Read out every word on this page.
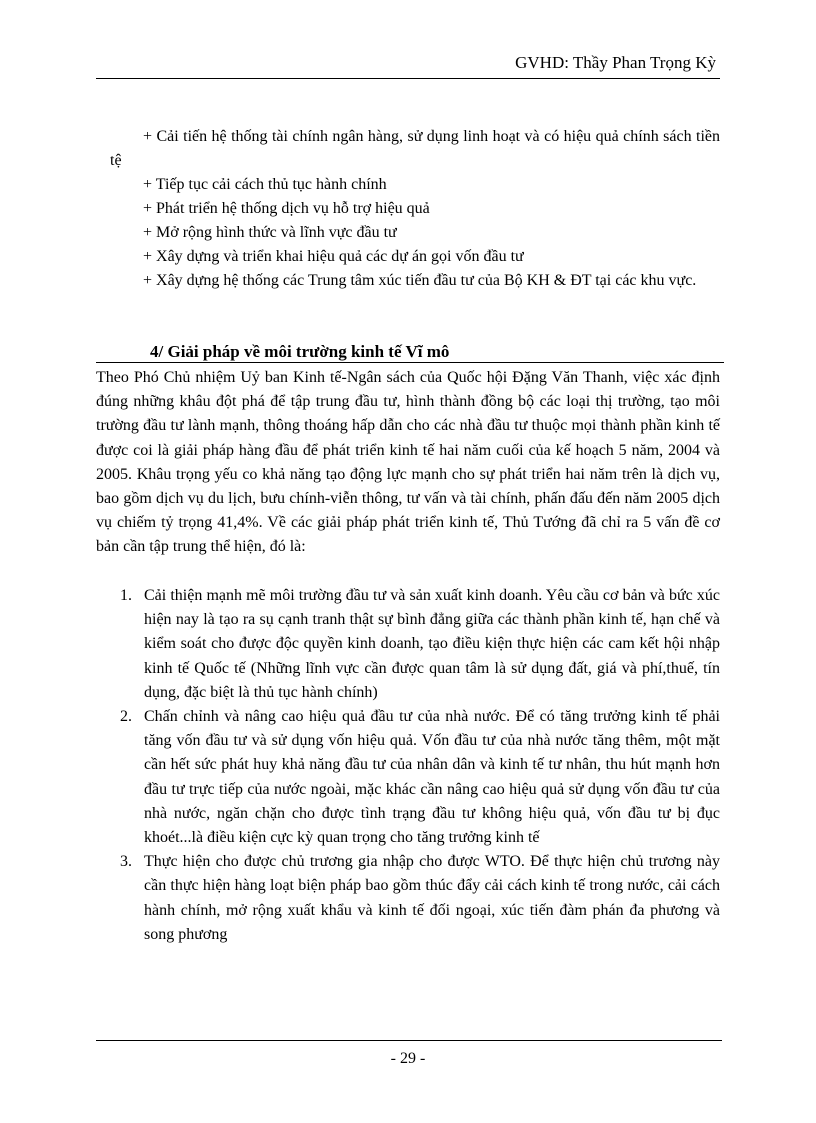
GVHD: Thầy Phan Trọng Kỳ

+ Cải tiến hệ thống tài chính ngân hàng, sử dụng linh hoạt và có hiệu quả chính sách tiền tệ

+ Tiếp tục cải cách thủ tục hành chính

+ Phát triển hệ thống dịch vụ hỗ trợ hiệu quả

+ Mở rộng hình thức và lĩnh vực đầu tư

+ Xây dựng và triển khai hiệu quả các dự án gọi vốn đầu tư

+ Xây dựng hệ thống các Trung tâm xúc tiến đầu tư của Bộ KH & ĐT tại các khu vực.

4/ Giải pháp về môi trường kinh tế Vĩ mô

Theo Phó Chủ nhiệm Uỷ ban Kinh tế-Ngân sách của Quốc hội Đặng Văn Thanh, việc xác định đúng những khâu đột phá để tập trung đầu tư, hình thành đồng bộ các loại thị trường, tạo môi trường đầu tư lành mạnh, thông thoáng hấp dẫn cho các nhà đầu tư thuộc mọi thành phần kinh tế được coi là giải pháp hàng đầu để phát triển kinh tế hai năm cuối của kế hoạch 5 năm, 2004 và 2005. Khâu trọng yếu co khả năng tạo động lực mạnh cho sự phát triển hai năm trên là dịch vụ, bao gồm dịch vụ du lịch, bưu chính-viễn thông, tư vấn và tài chính, phấn đấu đến năm 2005 dịch vụ chiếm tỷ trọng 41,4%. Về các giải pháp phát triển kinh tế, Thủ Tướng đã chỉ ra 5 vấn đề cơ bản cần tập trung thể hiện, đó là:

1. Cải thiện mạnh mẽ môi trường đầu tư và sản xuất kinh doanh. Yêu cầu cơ bản và bức xúc hiện nay là tạo ra sụ cạnh tranh thật sự bình đẳng giữa các thành phần kinh tế, hạn chế và kiểm soát cho được độc quyền kinh doanh, tạo điều kiện thực hiện các cam kết hội nhập kinh tế Quốc tế (Những lĩnh vực cần được quan tâm là sử dụng đất, giá và phí,thuế, tín dụng, đặc biệt là thủ tục hành chính)
2. Chấn chỉnh và nâng cao hiệu quả đầu tư của nhà nước. Để có tăng trưởng kinh tế phải tăng vốn đầu tư và sử dụng vốn hiệu quả. Vốn đầu tư của nhà nước tăng thêm, một mặt cần hết sức phát huy khả năng đầu tư của nhân dân và kinh tế tư nhân, thu hút mạnh hơn đầu tư trực tiếp của nước ngoài, mặc khác cần nâng cao hiệu quả sử dụng vốn đầu tư của nhà nước, ngăn chặn cho được tình trạng đầu tư không hiệu quả, vốn đầu tư bị đục khoét...là điều kiện cực kỳ quan trọng cho tăng trưởng kinh tế
3. Thực hiện cho được chủ trương gia nhập cho được WTO. Để thực hiện chủ trương này cần thực hiện hàng loạt biện pháp bao gồm thúc đẩy cải cách kinh tế trong nước, cải cách hành chính, mở rộng xuất khẩu và kinh tế đối ngoại, xúc tiến đàm phán đa phương và song phương
- 29 -
